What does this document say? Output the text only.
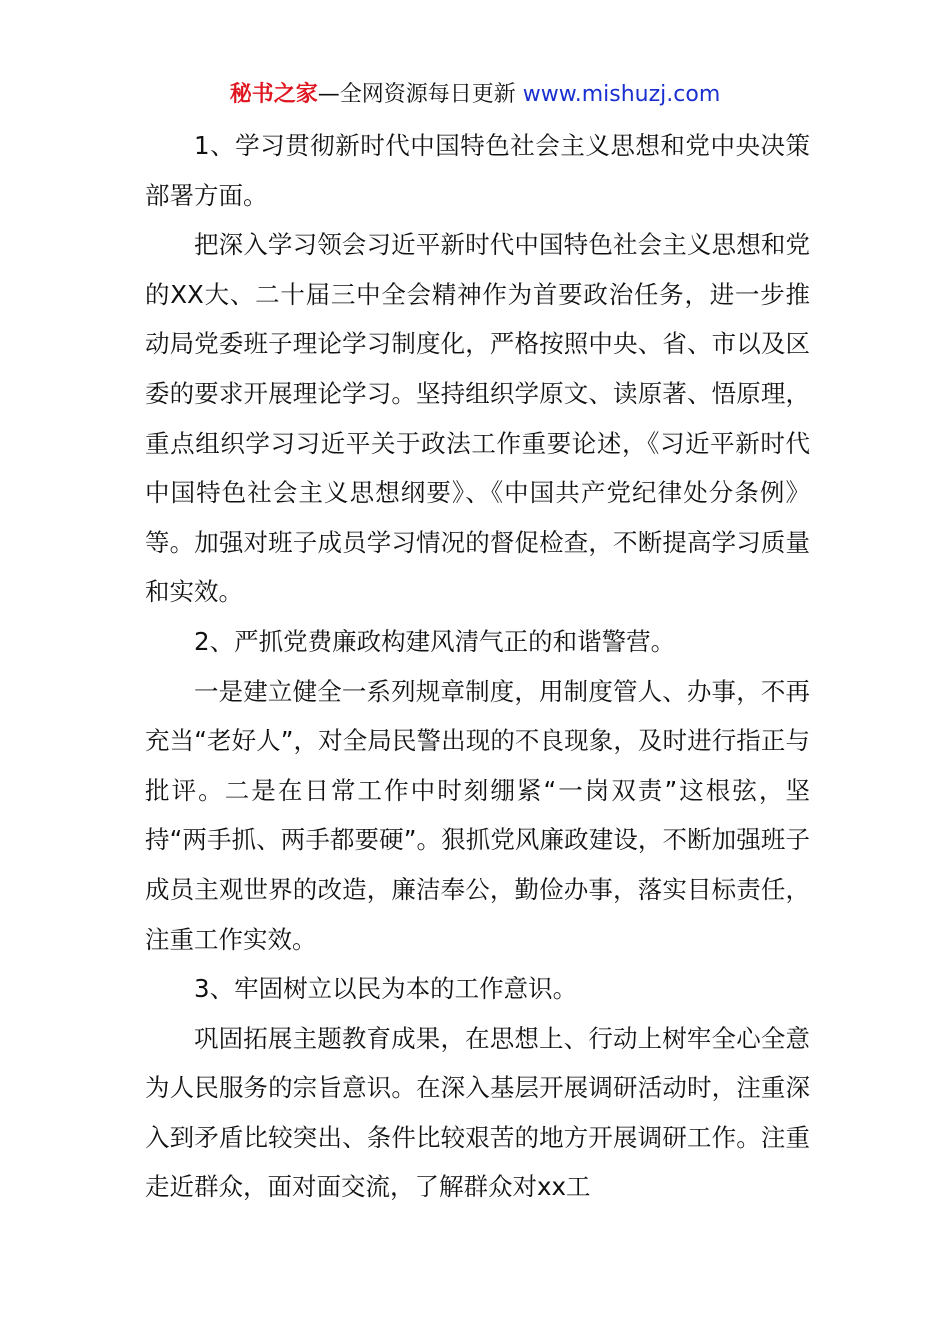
秘书之家—全网资源每日更新 www.mishuzj.com

1、学习贯彻新时代中国特色社会主义思想和党中央决策部署方面。

把深入学习领会习近平新时代中国特色社会主义思想和党的XX大、二十届三中全会精神作为首要政治任务，进一步推动局党委班子理论学习制度化，严格按照中央、省、市以及区委的要求开展理论学习。坚持组织学原文、读原著、悟原理，重点组织学习习近平关于政法工作重要论述，《习近平新时代中国特色社会主义思想纲要》、《中国共产党纪律处分条例》等。加强对班子成员学习情况的督促检查，不断提高学习质量和实效。

2、严抓党费廉政构建风清气正的和谐警营。

一是建立健全一系列规章制度，用制度管人、办事，不再充当“老好人”，对全局民警出现的不良现象，及时进行指正与批评。二是在日常工作中时刻绷紧“一岗双责”这根弦，坚持“两手抓、两手都要硬”。狠抓党风廉政建设，不断加强班子成员主观世界的改造，廉洁奉公，勤俭办事，落实目标责任，注重工作实效。

3、牢固树立以民为本的工作意识。

巩固拓展主题教育成果，在思想上、行动上树牢全心全意为人民服务的宗旨意识。在深入基层开展调研活动时，注重深入到矛盾比较突出、条件比较艰苦的地方开展调研工作。注重走近群众，面对面交流，了解群众对xx工
